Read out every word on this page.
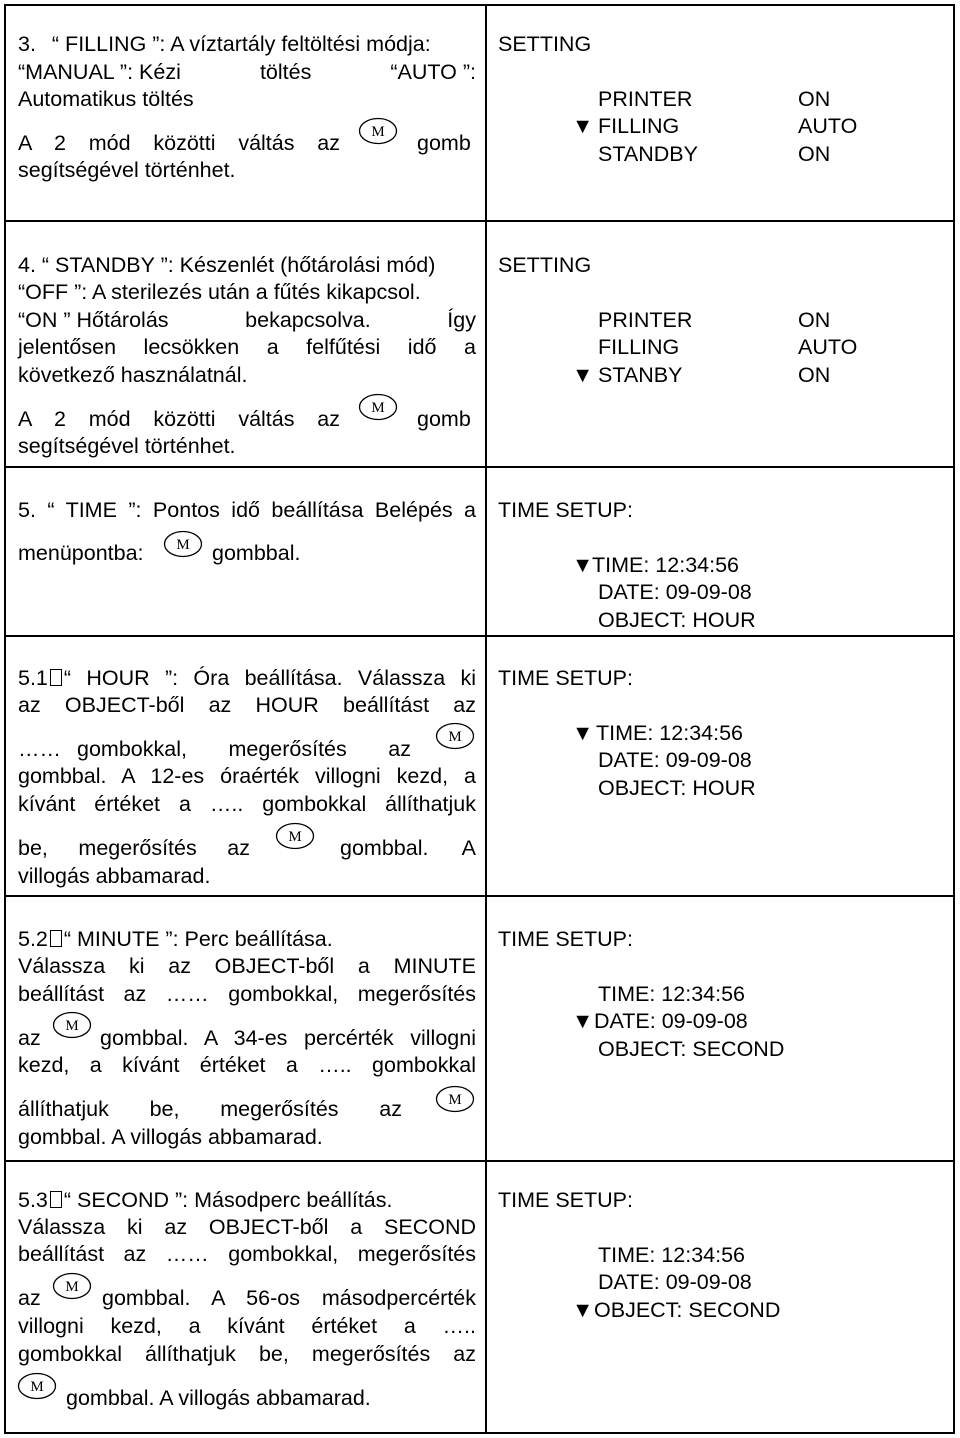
3. “ FILLING ”: A víztartály feltöltési módja:
“MANUAL ”: Kézi	töltés	“AUTO ”:
Automatikus töltés
A 2 mód közötti váltás az M gomb
segítségével történhet.
SETTING
PRINTER	ON
▼ FILLING	AUTO
STANDBY	ON
4. “ STANDBY ”: Készenlét (hőtárolási mód)
“OFF ”: A sterilezés után a fűtés kikapcsol.
“ON ” Hőtárolás	bekapcsolva.	Így
jelentősen lecsökken a felfűtési idő a
következő használatnál.
A 2 mód közötti váltás az M gomb
segítségével történhet.
SETTING
PRINTER	ON
FILLING	AUTO
▼ STANBY	ON
5. “ TIME ”: Pontos idő beállítása Belépés a
menüpontba: M gombbal.
TIME SETUP:
▼
TIME: 12:34:56
DATE: 09-09-08
OBJECT: HOUR
5.1 “ HOUR ”: Óra beállítása. Válassza ki
az OBJECT-ből az HOUR beállítást az
…… gombokkal, megerősítés az M
gombbal. A 12-es óraérték villogni kezd, a
kívánt értéket a ….. gombokkal állíthatjuk
be, megerősítés az	M gombbal. A
villogás abbamarad.
TIME SETUP:
▼ TIME: 12:34:56
DATE: 09-09-08
OBJECT: HOUR
5.2 “ MINUTE ”: Perc beállítása.
Válassza ki az OBJECT-ből a MINUTE
beállítást az …… gombokkal, megerősítés
az M gombbal. A 34-es percérték villogni
kezd, a kívánt értéket a ….. gombokkal
állíthatjuk be, megerősítés az	M
gombbal. A villogás abbamarad.
TIME SETUP:
TIME: 12:34:56
▼ DATE: 09-09-08
OBJECT: SECOND
5.3 “ SECOND ”: Másodperc beállítás.
Válassza ki az OBJECT-ből a SECOND
beállítást az …… gombokkal, megerősítés
az M gombbal. A 56-os másodpercérték
villogni kezd, a kívánt értéket a …..
gombokkal állíthatjuk be, megerősítés az
M gombbal. A villogás abbamarad.
TIME SETUP:
TIME: 12:34:56
DATE: 09-09-08
▼ OBJECT: SECOND
